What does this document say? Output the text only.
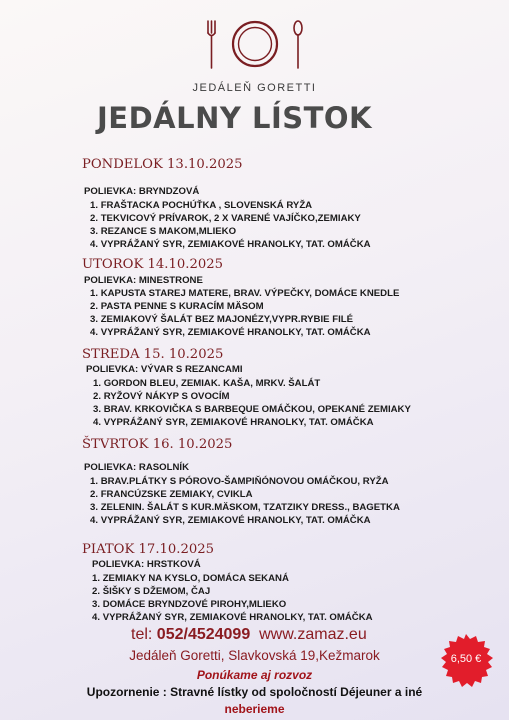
JEDÁLEŇ GORETTI
JEDÁLNY LÍSTOK
PONDELOK 13.10.2025
POLIEVKA: BRYNDZOVÁ
1. FRAŠTACKA POCHÚŤKA , SLOVENSKÁ RYŽA
2. TEKVICOVÝ PRÍVAROK, 2 X VARENÉ VAJÍČKO,ZEMIAKY
3. REZANCE S MAKOM,MLIEKO
4. VYPRÁŽANÝ SYR, ZEMIAKOVÉ HRANOLKY, TAT. OMÁČKA
UTOROK 14.10.2025
POLIEVKA: MINESTRONE
1. KAPUSTA STAREJ MATERE, BRAV. VÝPEČKY, DOMÁCE KNEDLE
2. PASTA PENNE S KURACÍM MÄSOM
3. ZEMIAKOVÝ ŠALÁT BEZ MAJONÉZY,VYPR.RYBIE FILÉ
4. VYPRÁŽANÝ SYR, ZEMIAKOVÉ HRANOLKY, TAT. OMÁČKA
STREDA 15. 10.2025
POLIEVKA: VÝVAR S REZANCAMI
1. GORDON BLEU, ZEMIAK. KAŠA, MRKV. ŠALÁT
2. RYŽOVÝ NÁKYP S OVOCÍM
3. BRAV. KRKOVIČKA S BARBEQUE OMÁČKOU, OPEKANÉ ZEMIAKY
4. VYPRÁŽANÝ SYR, ZEMIAKOVÉ HRANOLKY, TAT. OMÁČKA
ŠTVRTOK 16. 10.2025
POLIEVKA: RASOLNÍK
1. BRAV.PLÁTKY S PÓROVO-ŠAMPIŇÓNOVOU OMÁČKOU, RYŽA
2. FRANCÚZSKE ZEMIAKY, CVIKLA
3. ZELENIN. ŠALÁT S KUR.MÄSKOM, TZATZIKY DRESS., BAGETKA
4. VYPRÁŽANÝ SYR, ZEMIAKOVÉ HRANOLKY, TAT. OMÁČKA
PIATOK 17.10.2025
POLIEVKA: HRSTKOVÁ
1. ZEMIAKY NA KYSLO, DOMÁCA SEKANÁ
2. ŠIŠKY S DŽEMOM, ČAJ
3. DOMÁCE BRYNDZOVÉ PIROHY,MLIEKO
4. VYPRÁŽANÝ SYR, ZEMIAKOVÉ HRANOLKY, TAT. OMÁČKA
tel: 052/4524099 www.zamaz.eu
Jedáleň Goretti, Slavkovská 19,Kežmarok
Ponúkame aj rozvoz
Upozornenie : Stravné lístky od spoločností Déjeuner a iné
neberieme
6,50 €
